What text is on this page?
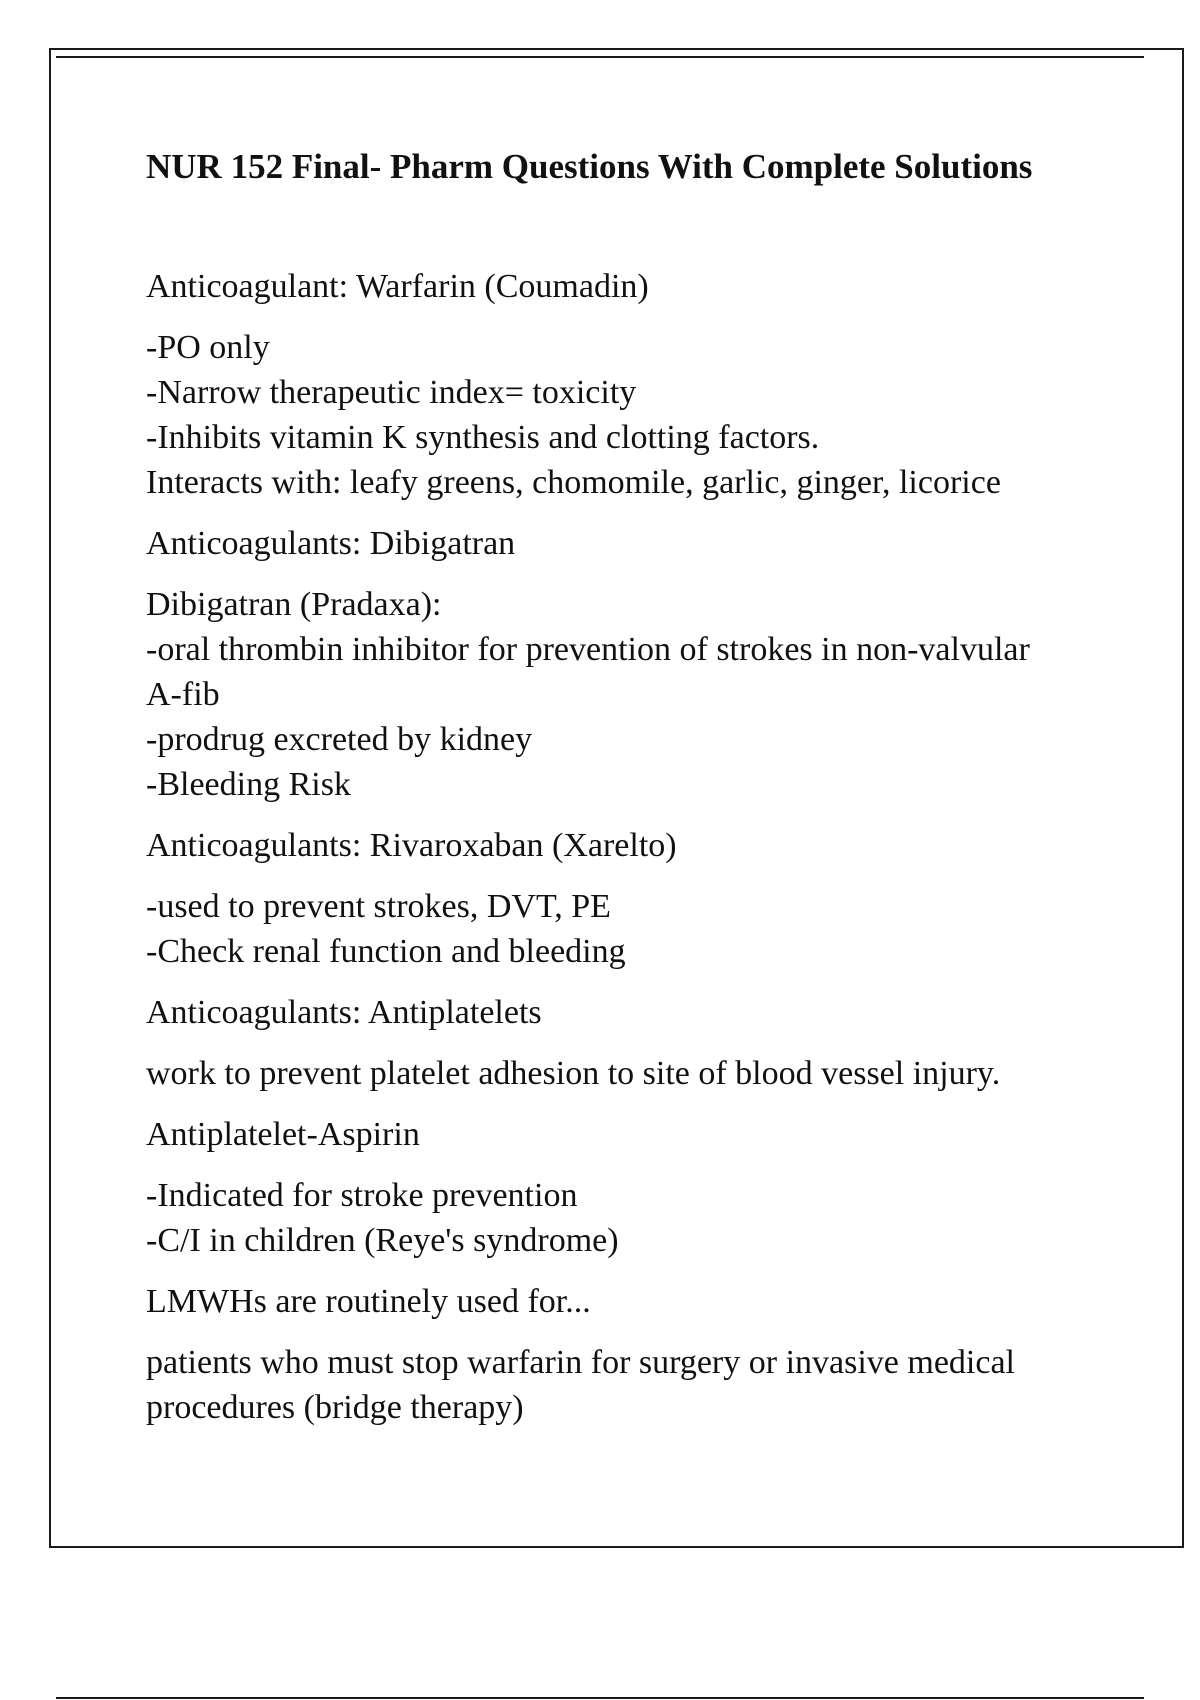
NUR 152 Final- Pharm Questions With Complete Solutions

Anticoagulant: Warfarin (Coumadin)

-PO only
-Narrow therapeutic index= toxicity
-Inhibits vitamin K synthesis and clotting factors.
Interacts with: leafy greens, chomomile, garlic, ginger, licorice

Anticoagulants: Dibigatran

Dibigatran (Pradaxa):
-oral thrombin inhibitor for prevention of strokes in non-valvular
A-fib
-prodrug excreted by kidney
-Bleeding Risk

Anticoagulants: Rivaroxaban (Xarelto)

-used to prevent strokes, DVT, PE
-Check renal function and bleeding

Anticoagulants: Antiplatelets

work to prevent platelet adhesion to site of blood vessel injury.

Antiplatelet-Aspirin

-Indicated for stroke prevention
-C/I in children (Reye's syndrome)

LMWHs are routinely used for...

patients who must stop warfarin for surgery or invasive medical
procedures (bridge therapy)
